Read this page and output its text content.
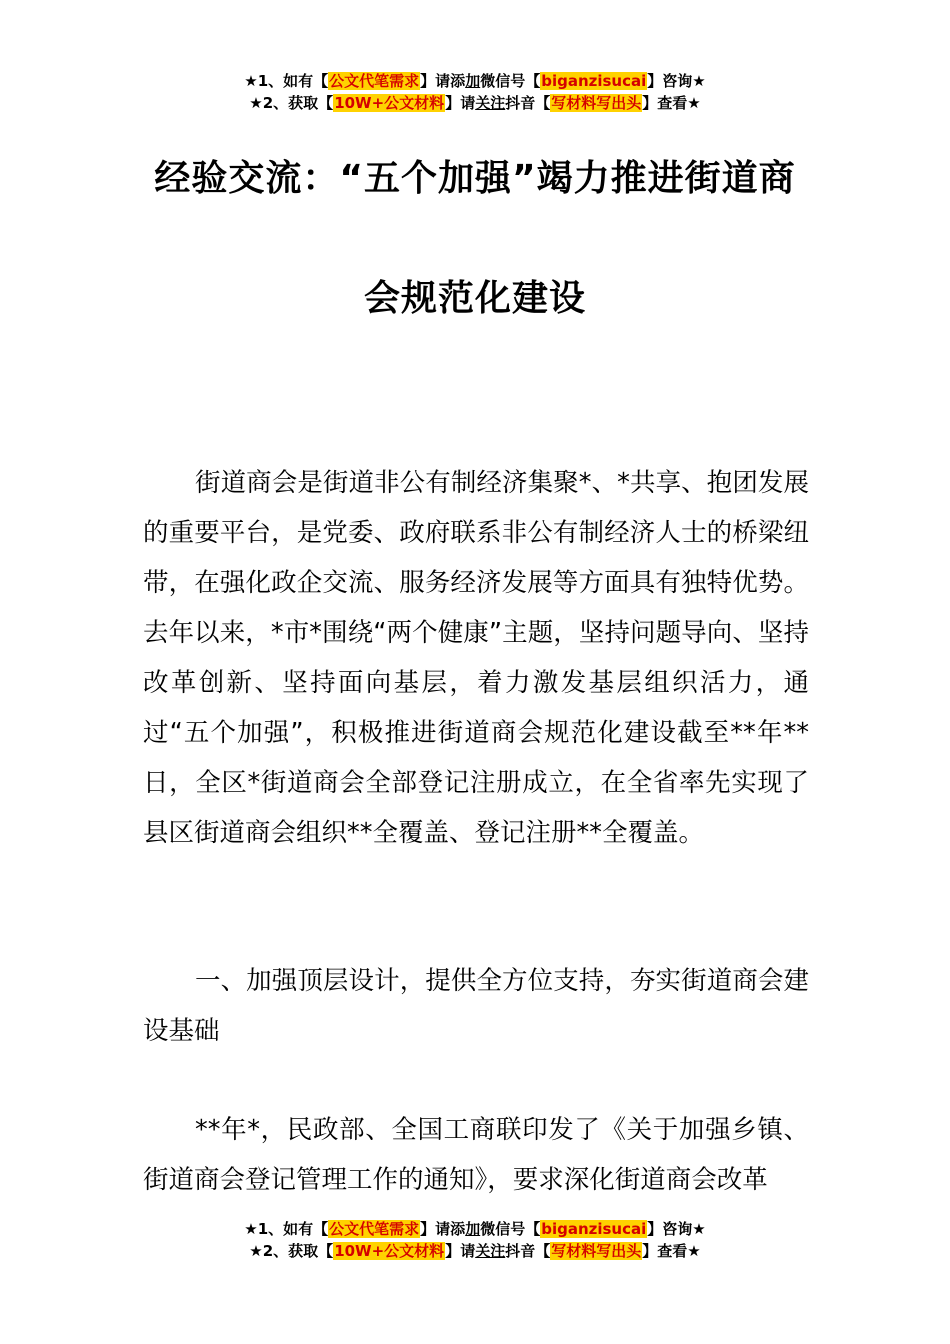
★1、如有【公文代笔需求】请添加微信号【biganzisucai】咨询★
★2、获取【10W+公文材料】请关注抖音【写材料写出头】查看★
经验交流：“五个加强”竭力推进街道商
会规范化建设

街道商会是街道非公有制经济集聚*、*共享、抱团发展的重要平台，是党委、政府联系非公有制经济人士的桥梁纽带，在强化政企交流、服务经济发展等方面具有独特优势。去年以来，*市*围绕“两个健康”主题，坚持问题导向、坚持改革创新、坚持面向基层，着力激发基层组织活力，通过“五个加强”，积极推进街道商会规范化建设截至**年**日，全区*街道商会全部登记注册成立，在全省率先实现了县区街道商会组织**全覆盖、登记注册**全覆盖。

一、加强顶层设计，提供全方位支持，夯实街道商会建设基础

**年*，民政部、全国工商联印发了《关于加强乡镇、街道商会登记管理工作的通知》，要求深化街道商会改革

★1、如有【公文代笔需求】请添加微信号【biganzisucai】咨询★
★2、获取【10W+公文材料】请关注抖音【写材料写出头】查看★
